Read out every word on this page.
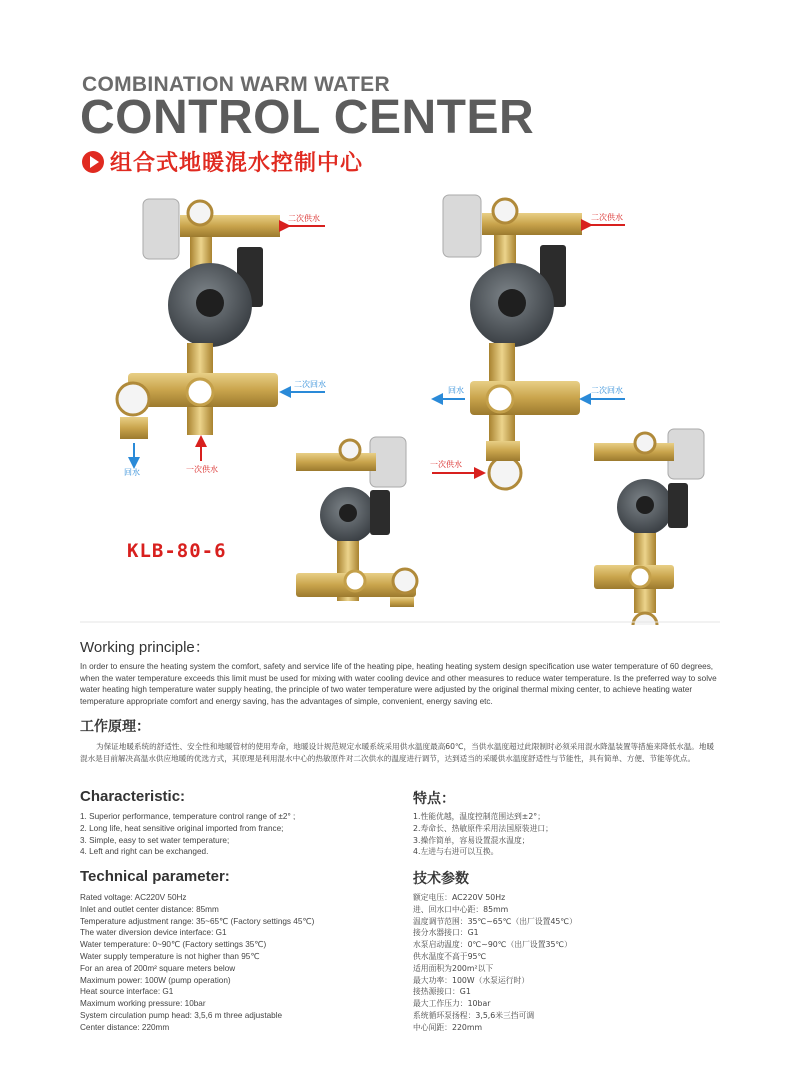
COMBINATION WARM WATER
CONTROL CENTER
组合式地暖混水控制中心
二次供水
二次回水
回水	一次供水
二次供水
回水	二次回水
一次供水
KLB-80-6
Working principle：
In order to ensure the heating system the comfort, safety and service life of the heating pipe, heating heating system design specification use water temperature of 60 degrees, when the water temperature exceeds this limit must be used for mixing with water cooling device and other measures to reduce water temperature. Is the preferred way to solve water heating high temperature water supply heating, the principle of two water temperature were adjusted by the original thermal mixing center, to achieve heating water temperature appropriate comfort and energy saving, has the advantages of simple, convenient, energy saving etc.
工作原理：
为保证地暖系统的舒适性、安全性和地暖管材的使用寿命，地暖设计规范规定水暖系统采用供水温度最高60℃，当供水温度超过此限制时必须采用混水降温装置等措施来降低水温。地暖混水是目前解决高温水供应地暖的优选方式，其原理是利用混水中心的热敏原件对二次供水的温度进行调节，达到适当的采暖供水温度舒适性与节能性，具有简单、方便、节能等优点。
Characteristic:
1. Superior performance, temperature control range of ±2° ;
2. Long life, heat sensitive original imported from france;
3. Simple, easy to set water temperature;
4. Left and right can be exchanged.
特点：
1.性能优越，温度控制范围达到±2°；
2.寿命长、热敏原件采用法国原装进口；
3.操作简单，容易设置混水温度；
4.左进与右进可以互换。
Technical parameter:
Rated voltage: AC220V 50Hz
Inlet and outlet center distance: 85mm
Temperature adjustment range: 35~65℃ (Factory settings 45℃)
The water diversion device interface: G1
Water temperature: 0~90℃ (Factory settings 35℃)
Water supply temperature is not higher than 95℃
For an area of 200m² square meters below
Maximum power: 100W (pump operation)
Heat source interface: G1
Maximum working pressure: 10bar
System circulation pump head: 3,5,6 m three adjustable
Center distance: 220mm
技术参数
额定电压：AC220V 50Hz
进、回水口中心距：85mm
温度调节范围：35℃~65℃（出厂设置45℃）
接分水器接口：G1
水泵启动温度：0℃~90℃（出厂设置35℃）
供水温度不高于95℃
适用面积为200m²以下
最大功率：100W（水泵运行时）
接热源接口：G1
最大工作压力：10bar
系统循环泵扬程：3,5,6米三挡可调
中心间距：220mm
